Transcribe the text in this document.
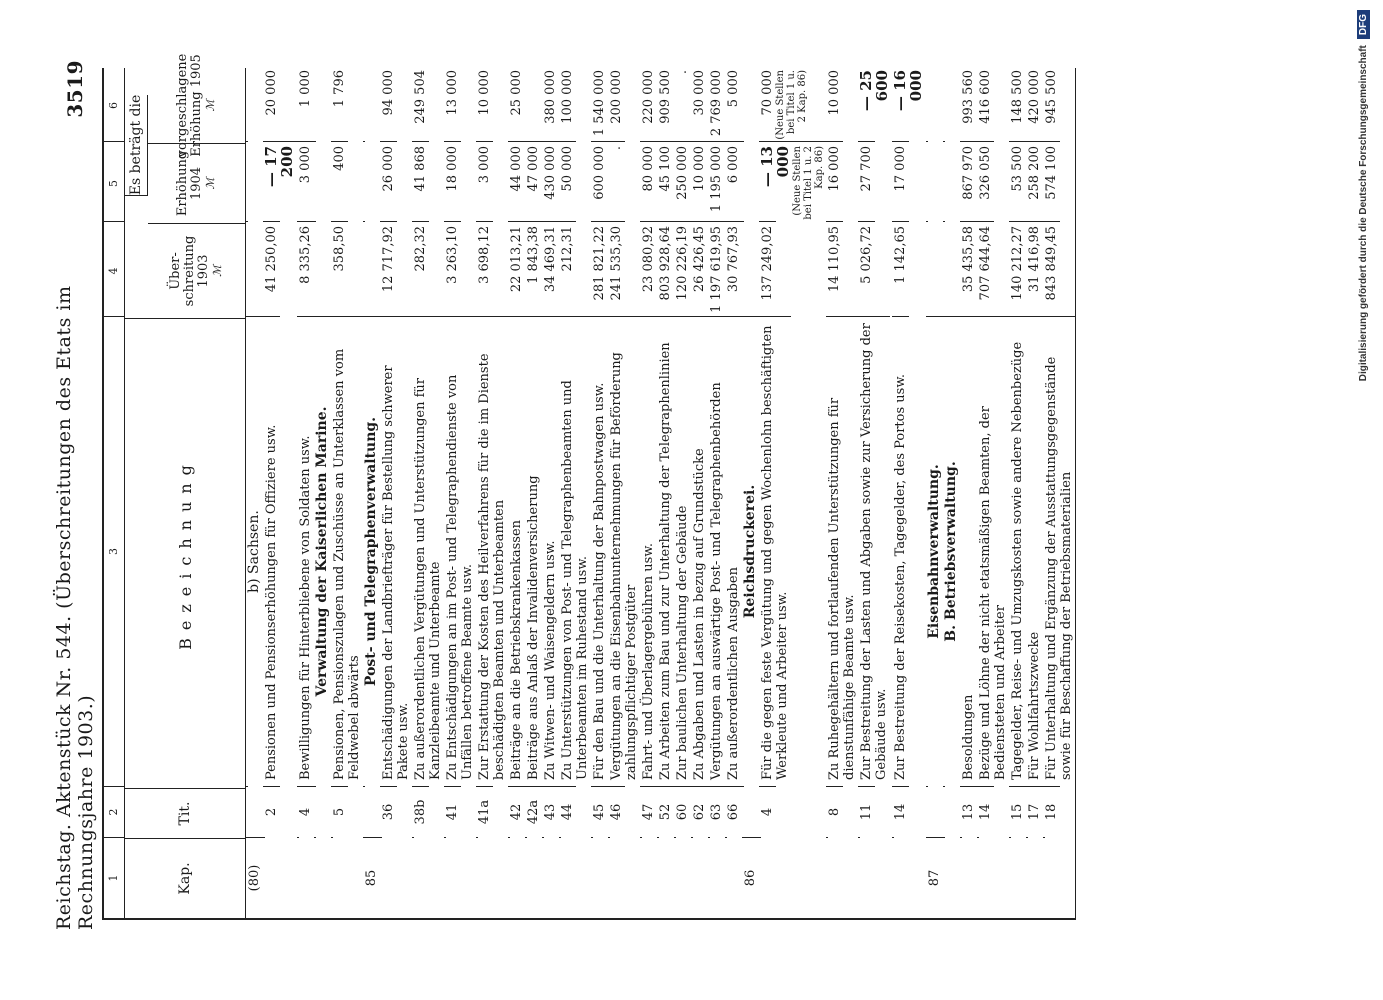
Reichstag. Aktenstück Nr. 544. (Überschreitungen des Etats im Rechnungsjahre 1903.)
3519
1
2
3
4
5
6
Kap.
Tit.
Bezeichnung
Es beträgt die
Über-schreitung 1903 ℳ
Erhöhung 1904 ℳ
vorgeschlagene Erhöhung 1905 ℳ
(80)
b) Sachsen.
2
Pensionen und Pensionserhöhungen für Offiziere usw.
41 250,00
— 17 200
20 000
4
Bewilligungen für Hinterbliebene von Soldaten usw.
8 335,26
3 000
1 000
Verwaltung der Kaiserlichen Marine.
5
Pensionen, Pensionszulagen und Zuschüsse an Unterklassen vom Feldwebel abwärts
358,50
400
1 796
85
Post- und Telegraphenverwaltung.
36
Entschädigungen der Landbriefträger für Bestellung schwerer Pakete usw.
12 717,92
26 000
94 000
38b
Zu außerordentlichen Vergütungen und Unterstützungen für Kanzleibeamte und Unterbeamte
282,32
41 868
249 504
41
Zu Entschädigungen an im Post- und Telegraphendienste von Unfällen betroffene Beamte usw.
3 263,10
18 000
13 000
41a
Zur Erstattung der Kosten des Heilverfahrens für die im Dienste beschädigten Beamten und Unterbeamten
3 698,12
3 000
10 000
42
Beiträge an die Betriebskrankenkassen
22 013,21
44 000
25 000
42a
Beiträge aus Anlaß der Invalidenversicherung
1 843,38
47 000
43
Zu Witwen- und Waisengeldern usw.
34 469,31
430 000
380 000
44
Zu Unterstützungen von Post- und Telegraphenbeamten und Unterbeamten im Ruhestand usw.
212,31
50 000
100 000
45
Für den Bau und die Unterhaltung der Bahnpostwagen usw.
281 821,22
600 000
1 540 000
46
Vergütungen an die Eisenbahnunternehmungen für Beförderung zahlungspflichtiger Postgüter
241 535,30
.
200 000
47
Fahrt- und Überlagergebühren usw.
23 080,92
80 000
220 000
52
Zu Arbeiten zum Bau und zur Unterhaltung der Telegraphenlinien
803 928,64
45 100
909 500
60
Zur baulichen Unterhaltung der Gebäude
120 226,19
250 000
.
62
Zu Abgaben und Lasten in bezug auf Grundstücke
26 426,45
10 000
30 000
63
Vergütungen an auswärtige Post- und Telegraphenbehörden
1 197 619,95
1 195 000
2 769 000
66
Zu außerordentlichen Ausgaben
30 767,93
6 000
5 000
86
Reichsdruckerei.
4
Für die gegen feste Vergütung und gegen Wochenlohn beschäftigten Werkleute und Arbeiter usw.
137 249,02
— 13 000 (Neue Stellen bei Titel 1 u. 2 Kap. 86)
70 000 (Neue Stellen bei Titel 1 u. 2 Kap. 86)
8
Zu Ruhegehältern und fortlaufenden Unterstützungen für dienstunfähige Beamte usw.
14 110,95
16 000
10 000
11
Zur Bestreitung der Lasten und Abgaben sowie zur Versicherung der Gebäude usw.
5 026,72
27 700
— 25 600
14
Zur Bestreitung der Reisekosten, Tagegelder, des Portos usw.
1 142,65
17 000
— 16 000
87
Eisenbahnverwaltung. B. Betriebsverwaltung.
13
Besoldungen
35 435,58
867 970
993 560
14
Bezüge und Löhne der nicht etatsmäßigen Beamten, der Bediensteten und Arbeiter
707 644,64
326 050
416 600
15
Tagegelder, Reise- und Umzugskosten sowie andere Nebenbezüge
140 212,27
53 500
148 500
17
Für Wohlfahrtszwecke
31 416,98
258 200
420 000
18
Für Unterhaltung und Ergänzung der Ausstattungsgegenstände sowie für Beschaffung der Betriebsmaterialien
843 849,45
574 100
945 500	Digitalisierung gefördert durch die Deutsche Forschungsgemeinschaft
DFG
